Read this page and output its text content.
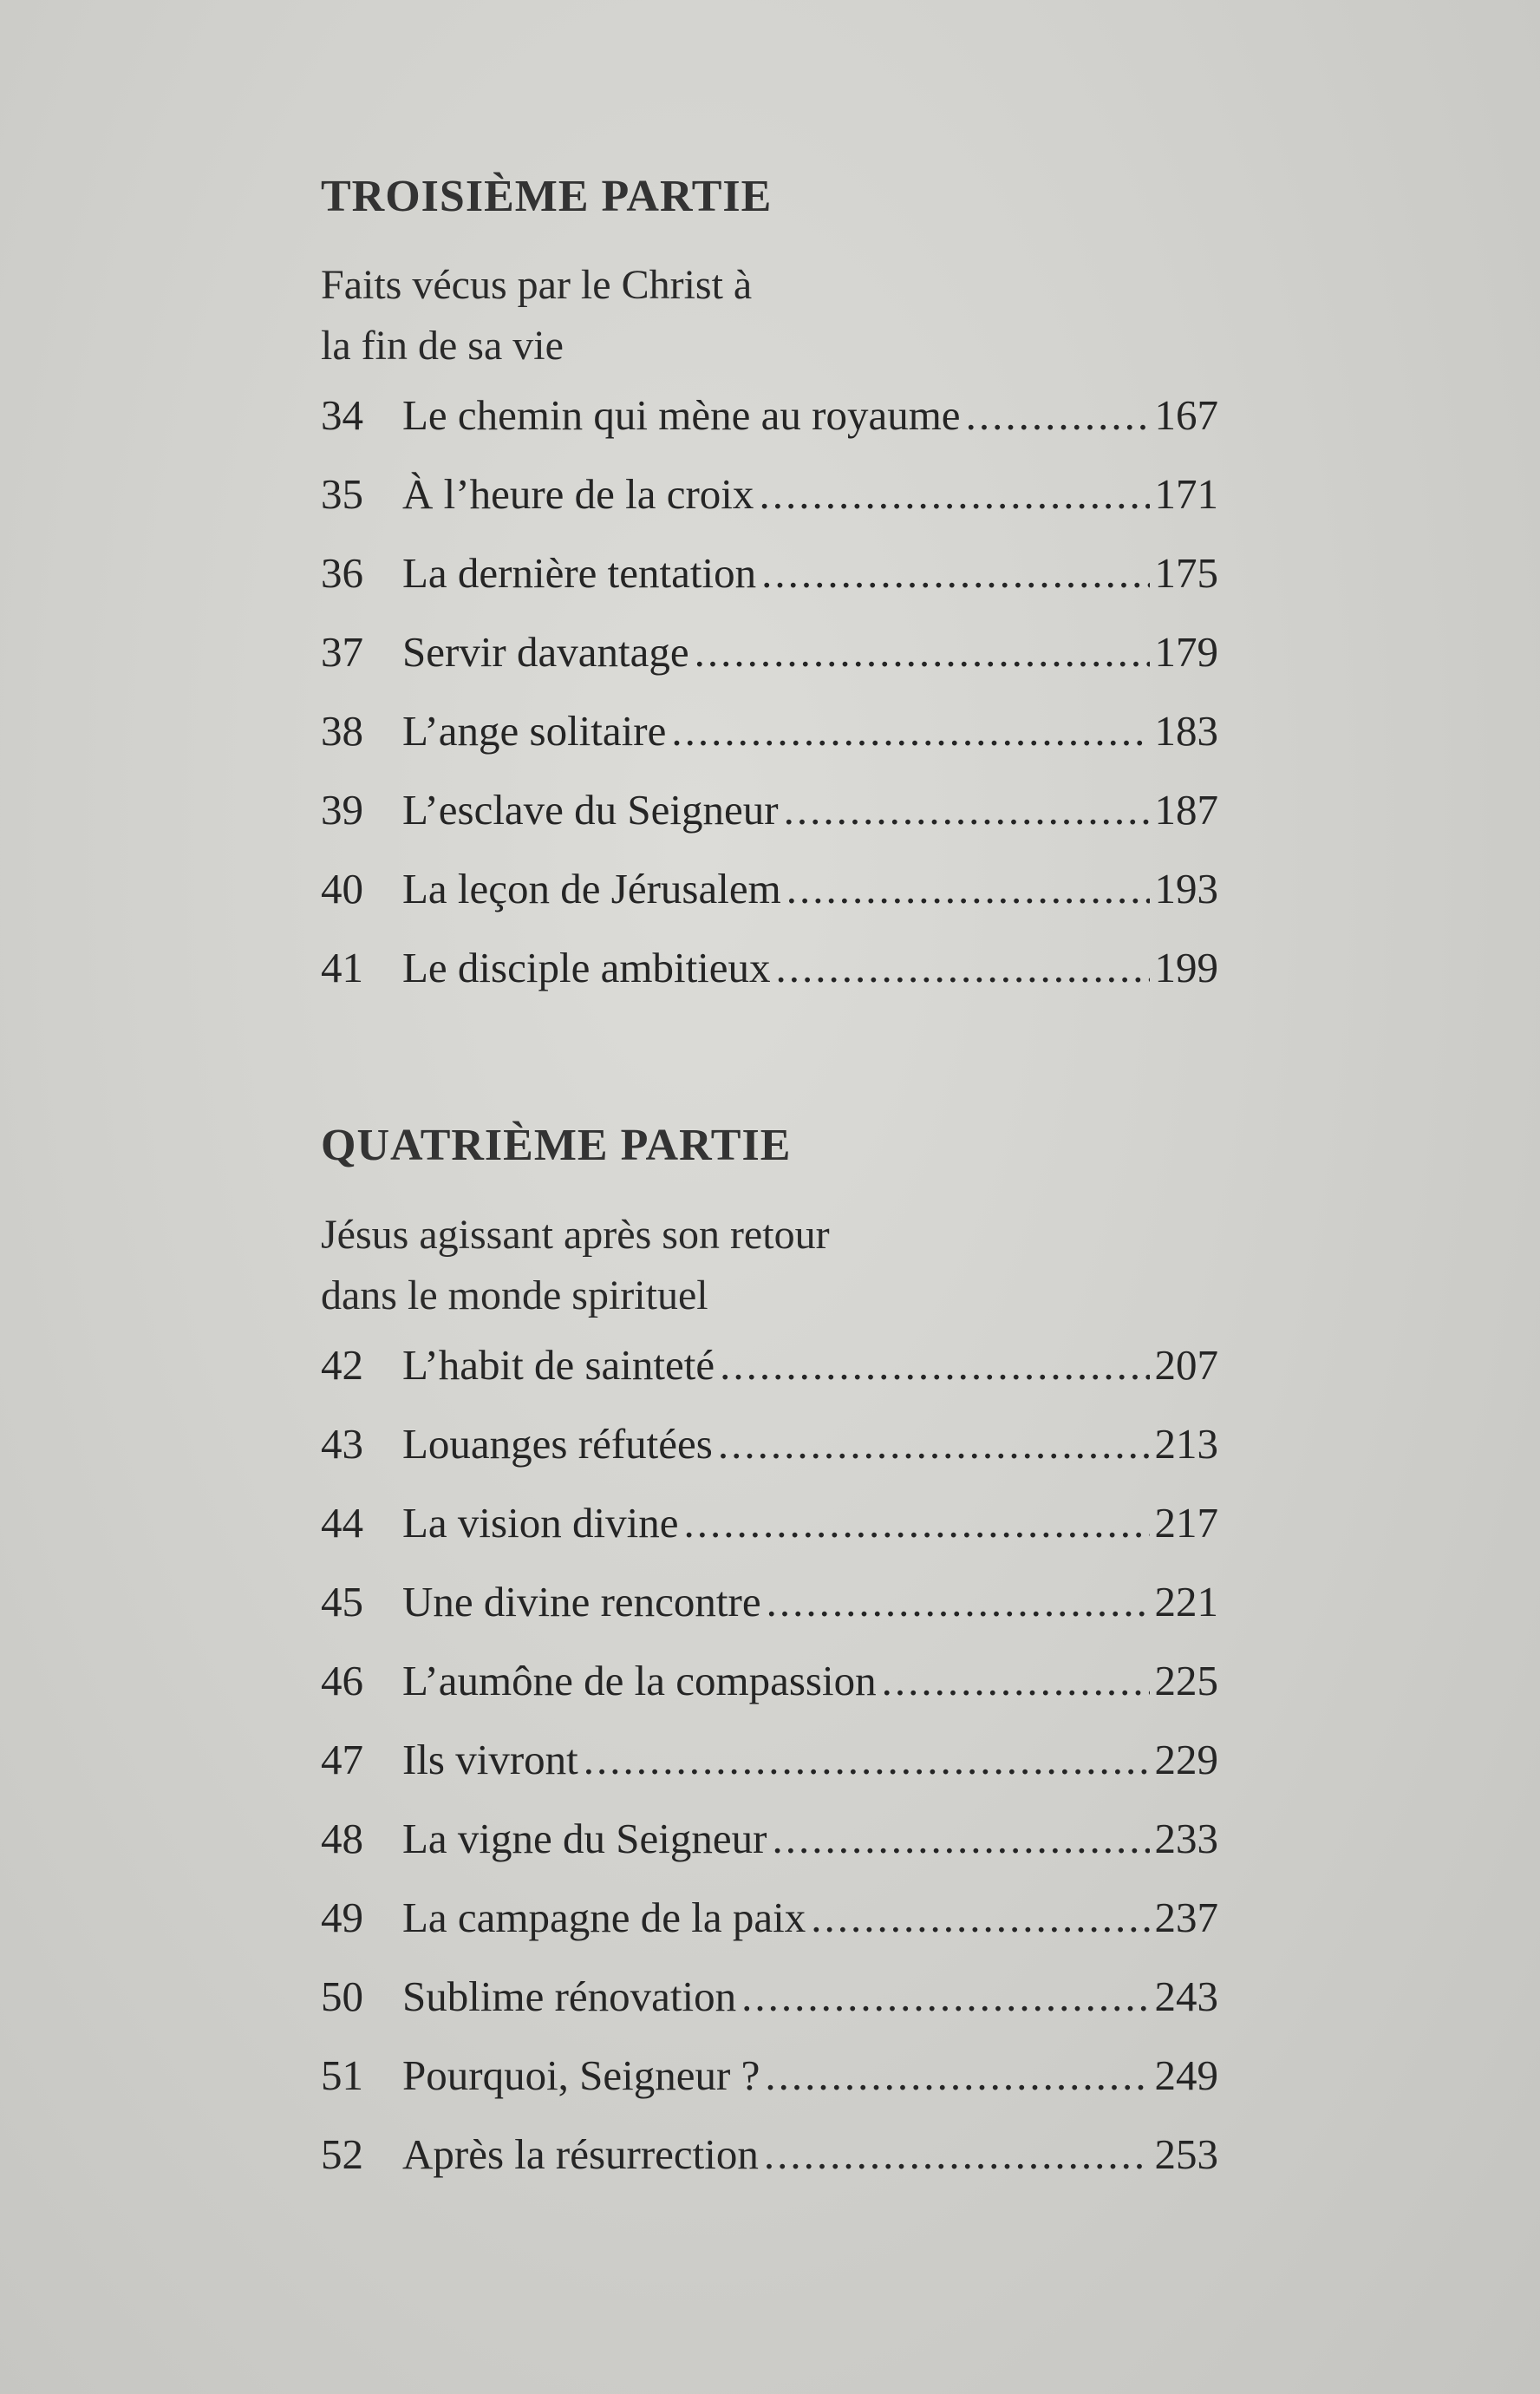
TROISIÈME PARTIE

Faits vécus par le Christ à
la fin de sa vie

34 Le chemin qui mène au royaume .....	167
35 À l’heure de la croix .....	171
36 La dernière tentation .....	175
37 Servir davantage .....	179
38 L’ange solitaire .....	183
39 L’esclave du Seigneur .....	187
40 La leçon de Jérusalem .....	193
41 Le disciple ambitieux .....	199
QUATRIÈME PARTIE

Jésus agissant après son retour
dans le monde spirituel

42 L’habit de sainteté .....	207
43 Louanges réfutées .....	213
44 La vision divine .....	217
45 Une divine rencontre .....	221
46 L’aumône de la compassion .....	225
47 Ils vivront .....	229
48 La vigne du Seigneur .....	233
49 La campagne de la paix .....	237
50 Sublime rénovation .....	243
51 Pourquoi, Seigneur ? .....	249
52 Après la résurrection .....	253
